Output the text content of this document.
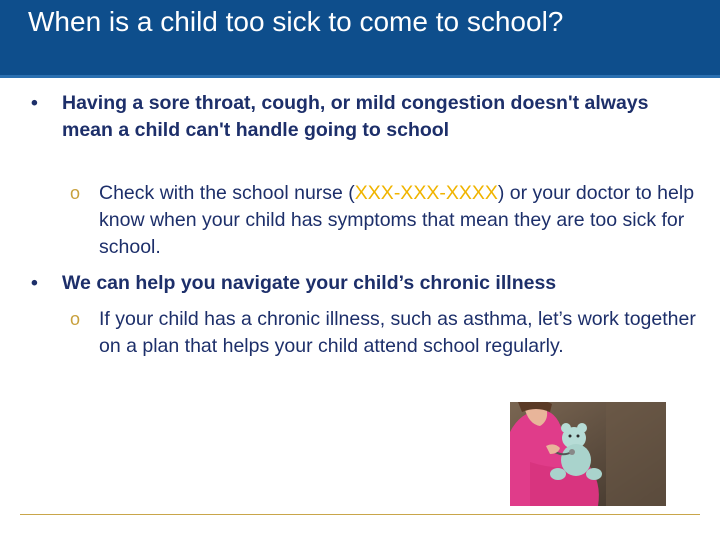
When is a child too sick to come to school?
• Having a sore throat, cough, or mild congestion doesn't always mean a child can't handle going to school
o Check with the school nurse (XXX-XXX-XXXX) or your doctor to help know when your child has symptoms that mean they are too sick for school.
• We can help you navigate your child’s chronic illness
o If your child has a chronic illness, such as asthma, let’s work together on a plan that helps your child attend school regularly.
